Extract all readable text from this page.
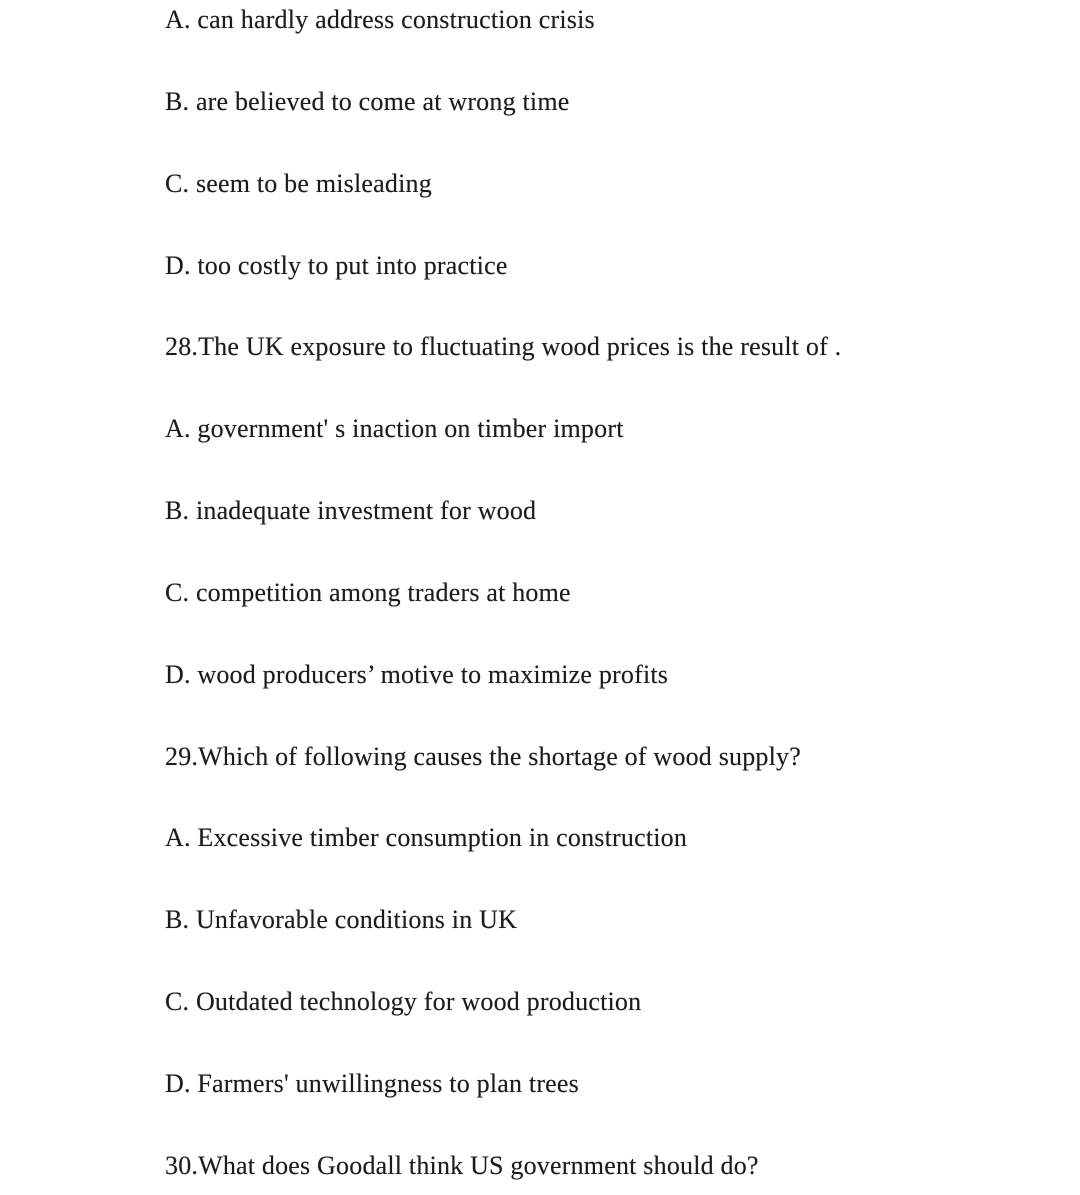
A. can hardly address construction crisis
B. are believed to come at wrong time
C. seem to be misleading
D. too costly to put into practice
28.The UK exposure to fluctuating wood prices is the result of .
A. government' s inaction on timber import
B. inadequate investment for wood
C. competition among traders at home
D. wood producers’ motive to maximize profits
29.Which of following causes the shortage of wood supply?
A. Excessive timber consumption in construction
B. Unfavorable conditions in UK
C. Outdated technology for wood production
D. Farmers' unwillingness to plan trees
30.What does Goodall think US government should do?
